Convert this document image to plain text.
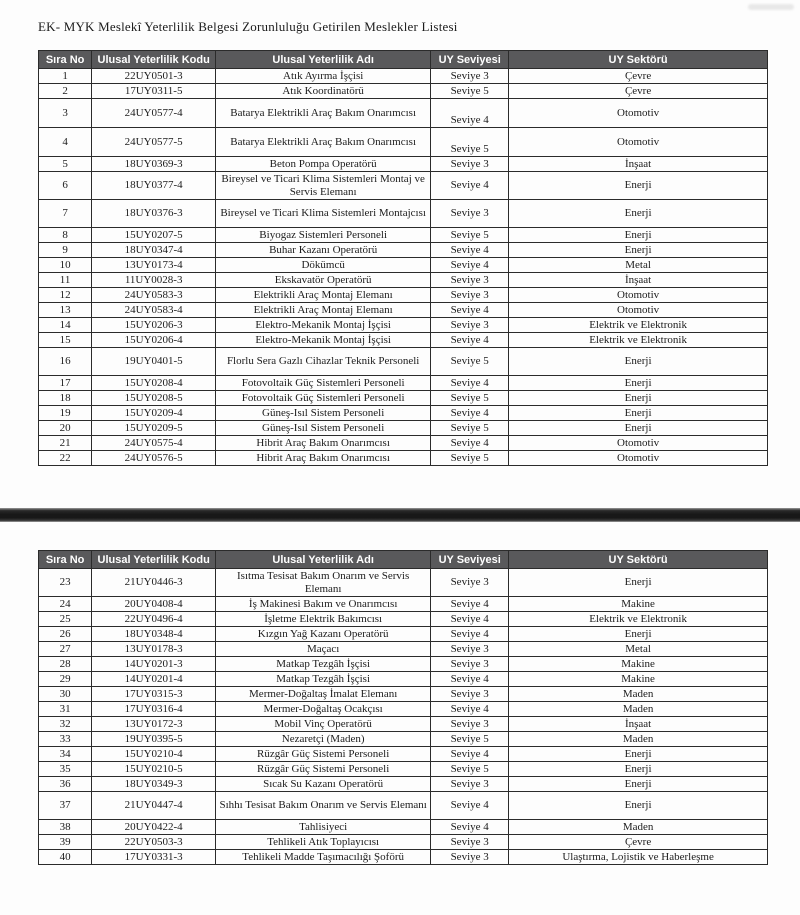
EK- MYK Meslekî Yeterlilik Belgesi Zorunluluğu Getirilen Meslekler Listesi
Sıra No	Ulusal Yeterlilik Kodu	Ulusal Yeterlilik Adı	UY Seviyesi	UY Sektörü
1	22UY0501-3	Atık Ayırma İşçisi	Seviye 3	Çevre
2	17UY0311-5	Atık Koordinatörü	Seviye 5	Çevre
3	24UY0577-4	Batarya Elektrikli Araç Bakım Onarımcısı	Seviye 4	Otomotiv
4	24UY0577-5	Batarya Elektrikli Araç Bakım Onarımcısı	Seviye 5	Otomotiv
5	18UY0369-3	Beton Pompa Operatörü	Seviye 3	İnşaat
6	18UY0377-4	Bireysel ve Ticari Klima Sistemleri Montaj ve Servis Elemanı	Seviye 4	Enerji
7	18UY0376-3	Bireysel ve Ticari Klima Sistemleri Montajcısı	Seviye 3	Enerji
8	15UY0207-5	Biyogaz Sistemleri Personeli	Seviye 5	Enerji
9	18UY0347-4	Buhar Kazanı Operatörü	Seviye 4	Enerji
10	13UY0173-4	Dökümcü	Seviye 4	Metal
11	11UY0028-3	Ekskavatör Operatörü	Seviye 3	İnşaat
12	24UY0583-3	Elektrikli Araç Montaj Elemanı	Seviye 3	Otomotiv
13	24UY0583-4	Elektrikli Araç Montaj Elemanı	Seviye 4	Otomotiv
14	15UY0206-3	Elektro-Mekanik Montaj İşçisi	Seviye 3	Elektrik ve Elektronik
15	15UY0206-4	Elektro-Mekanik Montaj İşçisi	Seviye 4	Elektrik ve Elektronik
16	19UY0401-5	Florlu Sera Gazlı Cihazlar Teknik Personeli	Seviye 5	Enerji
17	15UY0208-4	Fotovoltaik Güç Sistemleri Personeli	Seviye 4	Enerji
18	15UY0208-5	Fotovoltaik Güç Sistemleri Personeli	Seviye 5	Enerji
19	15UY0209-4	Güneş-Isıl Sistem Personeli	Seviye 4	Enerji
20	15UY0209-5	Güneş-Isıl Sistem Personeli	Seviye 5	Enerji
21	24UY0575-4	Hibrit Araç Bakım Onarımcısı	Seviye 4	Otomotiv
22	24UY0576-5	Hibrit Araç Bakım Onarımcısı	Seviye 5	Otomotiv
Sıra No	Ulusal Yeterlilik Kodu	Ulusal Yeterlilik Adı	UY Seviyesi	UY Sektörü
23	21UY0446-3	Isıtma Tesisat Bakım Onarım ve Servis Elemanı	Seviye 3	Enerji
24	20UY0408-4	İş Makinesi Bakım ve Onarımcısı	Seviye 4	Makine
25	22UY0496-4	İşletme Elektrik Bakımcısı	Seviye 4	Elektrik ve Elektronik
26	18UY0348-4	Kızgın Yağ Kazanı Operatörü	Seviye 4	Enerji
27	13UY0178-3	Maçacı	Seviye 3	Metal
28	14UY0201-3	Matkap Tezgâh İşçisi	Seviye 3	Makine
29	14UY0201-4	Matkap Tezgâh İşçisi	Seviye 4	Makine
30	17UY0315-3	Mermer-Doğaltaş İmalat Elemanı	Seviye 3	Maden
31	17UY0316-4	Mermer-Doğaltaş Ocakçısı	Seviye 4	Maden
32	13UY0172-3	Mobil Vinç Operatörü	Seviye 3	İnşaat
33	19UY0395-5	Nezaretçi (Maden)	Seviye 5	Maden
34	15UY0210-4	Rüzgâr Güç Sistemi Personeli	Seviye 4	Enerji
35	15UY0210-5	Rüzgâr Güç Sistemi Personeli	Seviye 5	Enerji
36	18UY0349-3	Sıcak Su Kazanı Operatörü	Seviye 3	Enerji
37	21UY0447-4	Sıhhı Tesisat Bakım Onarım ve Servis Elemanı	Seviye 4	Enerji
38	20UY0422-4	Tahlisiyeci	Seviye 4	Maden
39	22UY0503-3	Tehlikeli Atık Toplayıcısı	Seviye 3	Çevre
40	17UY0331-3	Tehlikeli Madde Taşımacılığı Şoförü	Seviye 3	Ulaştırma, Lojistik ve Haberleşme
